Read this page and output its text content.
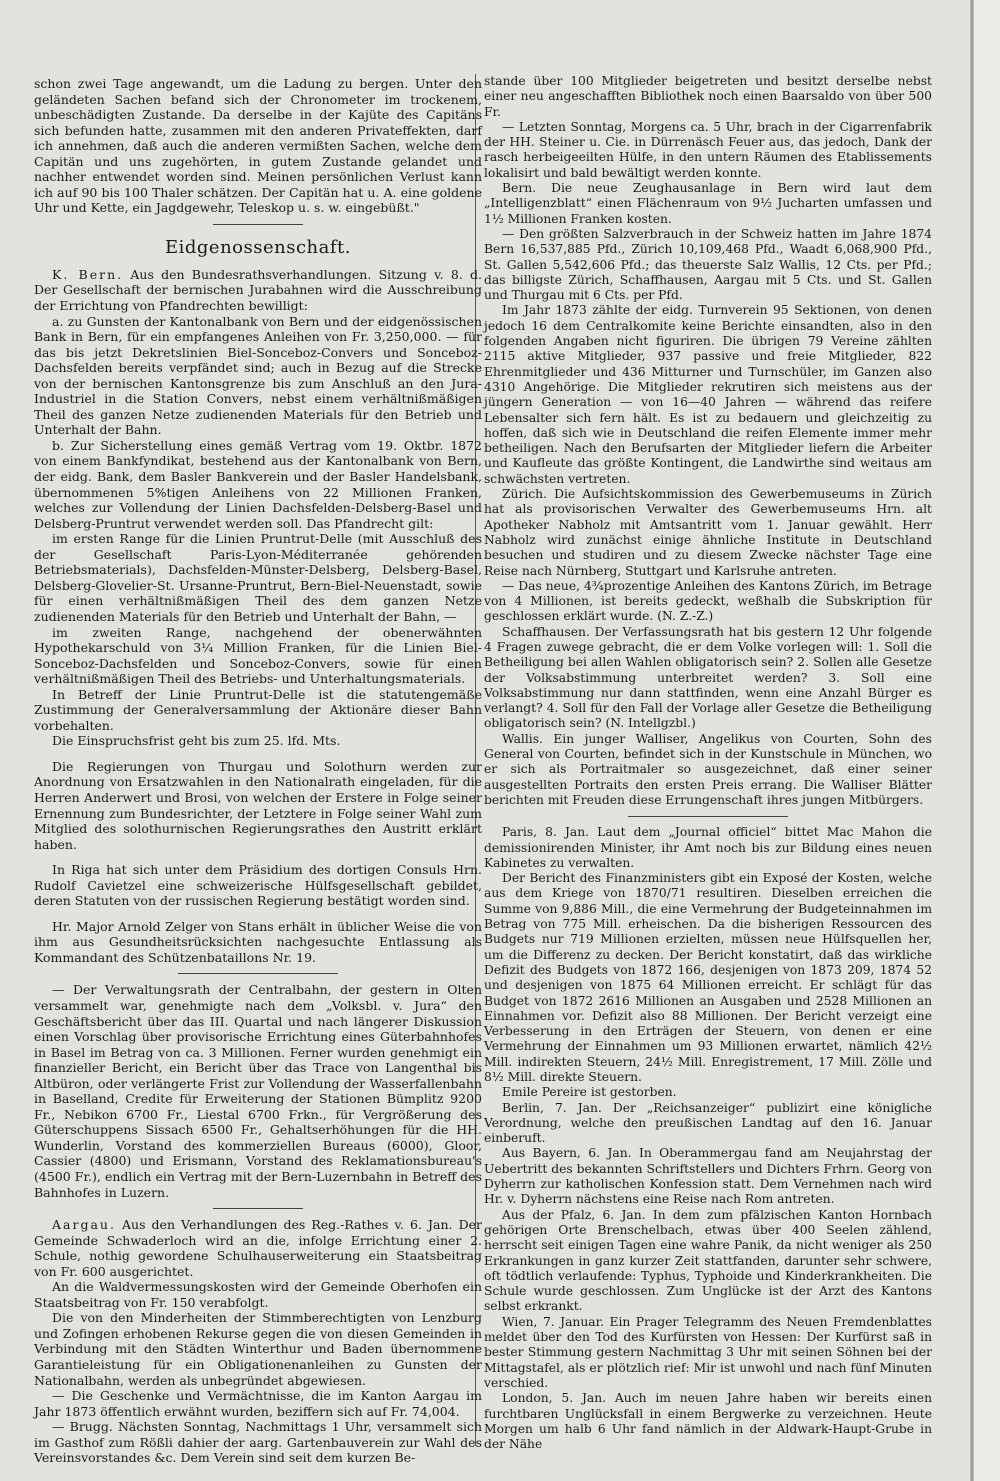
schon zwei Tage angewandt, um die Ladung zu bergen. Unter den geländeten Sachen befand sich der Chronometer im trockenem, unbeschädigten Zustande. Da derselbe in der Kajüte des Capitäns sich befunden hatte, zusammen mit den anderen Privateffekten, darf ich annehmen, daß auch die anderen vermißten Sachen, welche dem Capitän und uns zugehörten, in gutem Zustande gelandet und nachher entwendet worden sind. Meinen persönlichen Verlust kann ich auf 90 bis 100 Thaler schätzen. Der Capitän hat u. A. eine goldene Uhr und Kette, ein Jagdgewehr, Teleskop u. s. w. eingebüßt."

Eidgenossenschaft.

K. Bern. Aus den Bundesrathsverhandlungen. Sitzung v. 8. d. Der Gesellschaft der bernischen Jurabahnen wird die Ausschreibung der Errichtung von Pfandrechten bewilligt:

a. zu Gunsten der Kantonalbank von Bern und der eidgenössischen Bank in Bern, für ein empfangenes Anleihen von Fr. 3,250,000. — für das bis jetzt Dekretslinien Biel-Sonceboz-Convers und Sonceboz-Dachsfelden bereits verpfändet sind; auch in Bezug auf die Strecke von der bernischen Kantonsgrenze bis zum Anschluß an den Jura-Industriel in die Station Convers, nebst einem verhältnißmäßigen Theil des ganzen Netze zudienenden Materials für den Betrieb und Unterhalt der Bahn.

b. Zur Sicherstellung eines gemäß Vertrag vom 19. Oktbr. 1872 von einem Bankfyndikat, bestehend aus der Kantonalbank von Bern, der eidg. Bank, dem Basler Bankverein und der Basler Handelsbank, übernommenen 5%tigen Anleihens von 22 Millionen Franken, welches zur Vollendung der Linien Dachsfelden-Delsberg-Basel und Delsberg-Pruntrut verwendet werden soll. Das Pfandrecht gilt:

im ersten Range für die Linien Pruntrut-Delle (mit Ausschluß des der Gesellschaft Paris-Lyon-Méditerranée gehörenden Betriebsmaterials), Dachsfelden-Münster-Delsberg, Delsberg-Basel, Delsberg-Glovelier-St. Ursanne-Pruntrut, Bern-Biel-Neuenstadt, sowie für einen verhältnißmäßigen Theil des dem ganzen Netze zudienenden Materials für den Betrieb und Unterhalt der Bahn, —

im zweiten Range, nachgehend der obenerwähnten Hypothekarschuld von 3¼ Million Franken, für die Linien Biel-Sonceboz-Dachsfelden und Sonceboz-Convers, sowie für einen verhältnißmäßigen Theil des Betriebs- und Unterhaltungsmaterials.

In Betreff der Linie Pruntrut-Delle ist die statutengemäße Zustimmung der Generalversammlung der Aktionäre dieser Bahn vorbehalten.

Die Einspruchsfrist geht bis zum 25. lfd. Mts.

Die Regierungen von Thurgau und Solothurn werden zur Anordnung von Ersatzwahlen in den Nationalrath eingeladen, für die Herren Anderwert und Brosi, von welchen der Erstere in Folge seiner Ernennung zum Bundesrichter, der Letztere in Folge seiner Wahl zum Mitglied des solothurnischen Regierungsrathes den Austritt erklärt haben.

In Riga hat sich unter dem Präsidium des dortigen Consuls Hrn. Rudolf Cavietzel eine schweizerische Hülfsgesellschaft gebildet, deren Statuten von der russischen Regierung bestätigt worden sind.

Hr. Major Arnold Zelger von Stans erhält in üblicher Weise die von ihm aus Gesundheitsrücksichten nachgesuchte Entlassung als Kommandant des Schützenbataillons Nr. 19.

— Der Verwaltungsrath der Centralbahn, der gestern in Olten versammelt war, genehmigte nach dem „Volksbl. v. Jura“ den Geschäftsbericht über das III. Quartal und nach längerer Diskussion einen Vorschlag über provisorische Errichtung eines Güterbahnhofes in Basel im Betrag von ca. 3 Millionen. Ferner wurden genehmigt ein finanzieller Bericht, ein Bericht über das Trace von Langenthal bis Altbüron, oder verlängerte Frist zur Vollendung der Wasserfallenbahn in Baselland, Credite für Erweiterung der Stationen Bümplitz 9200 Fr., Nebikon 6700 Fr., Liestal 6700 Frkn., für Vergrößerung des Güterschuppens Sissach 6500 Fr., Gehaltserhöhungen für die HH. Wunderlin, Vorstand des kommerziellen Bureaus (6000), Gloor, Cassier (4800) und Erismann, Vorstand des Reklamationsbureau's (4500 Fr.), endlich ein Vertrag mit der Bern-Luzernbahn in Betreff des Bahnhofes in Luzern.

Aargau. Aus den Verhandlungen des Reg.-Rathes v. 6. Jan. Der Gemeinde Schwaderloch wird an die, infolge Errichtung einer 2. Schule, nothig gewordene Schulhauserweiterung ein Staatsbeitrag von Fr. 600 ausgerichtet.

An die Waldvermessungskosten wird der Gemeinde Oberhofen ein Staatsbeitrag von Fr. 150 verabfolgt.

Die von den Minderheiten der Stimmberechtigten von Lenzburg und Zofingen erhobenen Rekurse gegen die von diesen Gemeinden in Verbindung mit den Städten Winterthur und Baden übernommene Garantieleistung für ein Obligationenanleihen zu Gunsten der Nationalbahn, werden als unbegründet abgewiesen.

— Die Geschenke und Vermächtnisse, die im Kanton Aargau im Jahr 1873 öffentlich erwähnt wurden, beziffern sich auf Fr. 74,004.

— Brugg. Nächsten Sonntag, Nachmittags 1 Uhr, versammelt sich im Gasthof zum Rößli dahier der aarg. Gartenbauverein zur Wahl des Vereinsvorstandes &c. Dem Verein sind seit dem kurzen Be-

stande über 100 Mitglieder beigetreten und besitzt derselbe nebst einer neu angeschafften Bibliothek noch einen Baarsaldo von über 500 Fr.

— Letzten Sonntag, Morgens ca. 5 Uhr, brach in der Cigarrenfabrik der HH. Steiner u. Cie. in Dürrenäsch Feuer aus, das jedoch, Dank der rasch herbeigeeilten Hülfe, in den untern Räumen des Etablissements lokalisirt und bald bewältigt werden konnte.

Bern. Die neue Zeughausanlage in Bern wird laut dem „Intelligenzblatt“ einen Flächenraum von 9½ Jucharten umfassen und 1½ Millionen Franken kosten.

— Den größten Salzverbrauch in der Schweiz hatten im Jahre 1874 Bern 16,537,885 Pfd., Zürich 10,109,468 Pfd., Waadt 6,068,900 Pfd., St. Gallen 5,542,606 Pfd.; das theuerste Salz Wallis, 12 Cts. per Pfd.; das billigste Zürich, Schaffhausen, Aargau mit 5 Cts. und St. Gallen und Thurgau mit 6 Cts. per Pfd.

Im Jahr 1873 zählte der eidg. Turnverein 95 Sektionen, von denen jedoch 16 dem Centralkomite keine Berichte einsandten, also in den folgenden Angaben nicht figuriren. Die übrigen 79 Vereine zählten 2115 aktive Mitglieder, 937 passive und freie Mitglieder, 822 Ehrenmitglieder und 436 Mitturner und Turnschüler, im Ganzen also 4310 Angehörige. Die Mitglieder rekrutiren sich meistens aus der jüngern Generation — von 16—40 Jahren — während das reifere Lebensalter sich fern hält. Es ist zu bedauern und gleichzeitig zu hoffen, daß sich wie in Deutschland die reifen Elemente immer mehr betheiligen. Nach den Berufsarten der Mitglieder liefern die Arbeiter und Kaufleute das größte Kontingent, die Landwirthe sind weitaus am schwächsten vertreten.

Zürich. Die Aufsichtskommission des Gewerbemuseums in Zürich hat als provisorischen Verwalter des Gewerbemuseums Hrn. alt Apotheker Nabholz mit Amtsantritt vom 1. Januar gewählt. Herr Nabholz wird zunächst einige ähnliche Institute in Deutschland besuchen und studiren und zu diesem Zwecke nächster Tage eine Reise nach Nürnberg, Stuttgart und Karlsruhe antreten.

— Das neue, 4¾prozentige Anleihen des Kantons Zürich, im Betrage von 4 Millionen, ist bereits gedeckt, weßhalb die Subskription für geschlossen erklärt wurde. (N. Z.-Z.)

Schaffhausen. Der Verfassungsrath hat bis gestern 12 Uhr folgende 4 Fragen zuwege gebracht, die er dem Volke vorlegen will: 1. Soll die Betheiligung bei allen Wahlen obligatorisch sein? 2. Sollen alle Gesetze der Volksabstimmung unterbreitet werden? 3. Soll eine Volksabstimmung nur dann stattfinden, wenn eine Anzahl Bürger es verlangt? 4. Soll für den Fall der Vorlage aller Gesetze die Betheiligung obligatorisch sein? (N. Intellgzbl.)

Wallis. Ein junger Walliser, Angelikus von Courten, Sohn des General von Courten, befindet sich in der Kunstschule in München, wo er sich als Portraitmaler so ausgezeichnet, daß einer seiner ausgestellten Portraits den ersten Preis errang. Die Walliser Blätter berichten mit Freuden diese Errungenschaft ihres jungen Mitbürgers.

Paris, 8. Jan. Laut dem „Journal officiel“ bittet Mac Mahon die demissionirenden Minister, ihr Amt noch bis zur Bildung eines neuen Kabinetes zu verwalten.

Der Bericht des Finanzministers gibt ein Exposé der Kosten, welche aus dem Kriege von 1870/71 resultiren. Dieselben erreichen die Summe von 9,886 Mill., die eine Vermehrung der Budgeteinnahmen im Betrag von 775 Mill. erheischen. Da die bisherigen Ressourcen des Budgets nur 719 Millionen erzielten, müssen neue Hülfsquellen her, um die Differenz zu decken. Der Bericht konstatirt, daß das wirkliche Defizit des Budgets von 1872 166, desjenigen von 1873 209, 1874 52 und desjenigen von 1875 64 Millionen erreicht. Er schlägt für das Budget von 1872 2616 Millionen an Ausgaben und 2528 Millionen an Einnahmen vor. Defizit also 88 Millionen. Der Bericht verzeigt eine Verbesserung in den Erträgen der Steuern, von denen er eine Vermehrung der Einnahmen um 93 Millionen erwartet, nämlich 42½ Mill. indirekten Steuern, 24½ Mill. Enregistrement, 17 Mill. Zölle und 8½ Mill. direkte Steuern.

Emile Pereire ist gestorben.

Berlin, 7. Jan. Der „Reichsanzeiger“ publizirt eine königliche Verordnung, welche den preußischen Landtag auf den 16. Januar einberuft.

Aus Bayern, 6. Jan. In Oberammergau fand am Neujahrstag der Uebertritt des bekannten Schriftstellers und Dichters Frhrn. Georg von Dyherrn zur katholischen Konfession statt. Dem Vernehmen nach wird Hr. v. Dyherrn nächstens eine Reise nach Rom antreten.

Aus der Pfalz, 6. Jan. In dem zum pfälzischen Kanton Hornbach gehörigen Orte Brenschelbach, etwas über 400 Seelen zählend, herrscht seit einigen Tagen eine wahre Panik, da nicht weniger als 250 Erkrankungen in ganz kurzer Zeit stattfanden, darunter sehr schwere, oft tödtlich verlaufende: Typhus, Typhoide und Kinderkrankheiten. Die Schule wurde geschlossen. Zum Unglücke ist der Arzt des Kantons selbst erkrankt.

Wien, 7. Januar. Ein Prager Telegramm des Neuen Fremdenblattes meldet über den Tod des Kurfürsten von Hessen: Der Kurfürst saß in bester Stimmung gestern Nachmittag 3 Uhr mit seinen Söhnen bei der Mittagstafel, als er plötzlich rief: Mir ist unwohl und nach fünf Minuten verschied.

London, 5. Jan. Auch im neuen Jahre haben wir bereits einen furchtbaren Unglücksfall in einem Bergwerke zu verzeichnen. Heute Morgen um halb 6 Uhr fand nämlich in der Aldwark-Haupt-Grube in der Nähe
